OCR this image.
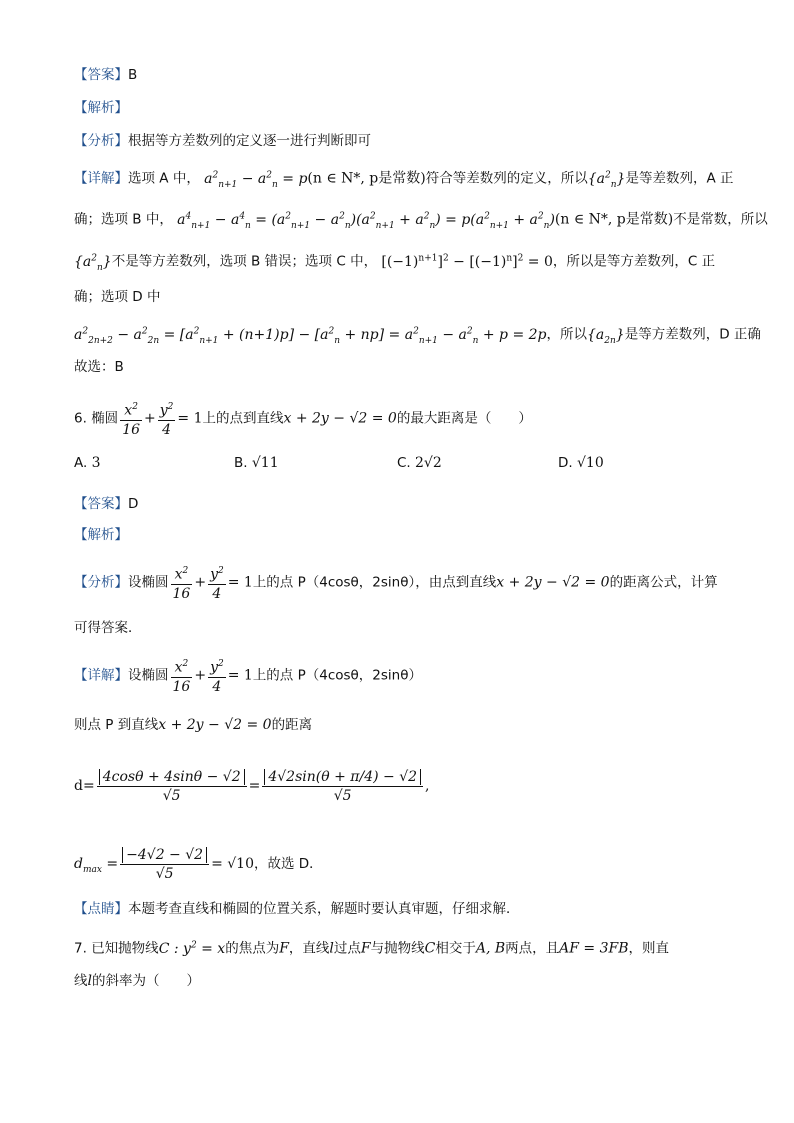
【答案】B
【解析】
【分析】根据等方差数列的定义逐一进行判断即可
【详解】选项 A 中， $a^2_{n+1} - a^2_n = p(n$ ∈ N*, p是常数)符合等差数列的定义，所以$\{a^2_n\}$是等差数列，A 正
确；选项 B 中， $a^4_{n+1} - a^4_n = (a^2_{n+1} - a^2_n)(a^2_{n+1} + a^2_n) = p(a^2_{n+1} + a^2_n)(n$ ∈ N*, p是常数)不是常数，所以
$\{a^2_n\}$不是等方差数列，选项 B 错误；选项 C 中， $[(-1)^{n+1}]^2 - [(-1)^n]^2 = 0$，所以是等方差数列，C 正
确；选项 D 中
$a^2_{2n+2} - a^2_{2n} = [a^2_{n+1} + (n+1)p] - [a^2_n + np] = a^2_{n+1} - a^2_n + p = 2p$，所以$\{a_{2n}\}$是等方差数列，D 正确
故选：B
6. 椭圆 $\frac{x^2}{16} + \frac{y^2}{4} = 1$上的点到直线x + 2y − √2 = 0的最大距离是（　　）
A. 3	B. √11	C. 2√2	D. √10
【答案】D
【解析】
【分析】设椭圆 $\frac{x^2}{16} + \frac{y^2}{4} = 1$上的点 P（4cosθ，2sinθ），由点到直线x + 2y − √2 = 0的距离公式，计算
可得答案．
【详解】设椭圆 $\frac{x^2}{16} + \frac{y^2}{4} = 1$上的点 P（4cosθ，2sinθ）
则点 P 到直线x + 2y − √2 = 0的距离
$d= \frac{4\cos\theta + 4\sin\theta - √2}{√5} = \frac{4√2\sin(\theta + \pi/4) - √2}{√5}$ ,
$d_{max} = \frac{-4√2 - √2}{√5} = √10$，故选 D．
【点睛】本题考查直线和椭圆的位置关系，解题时要认真审题，仔细求解．
7. 已知抛物线C : $y^2 = x$的焦点为F，直线l过点F与抛物线C相交于A, B两点，且AF = 3FB，则直
线l的斜率为（　　）
